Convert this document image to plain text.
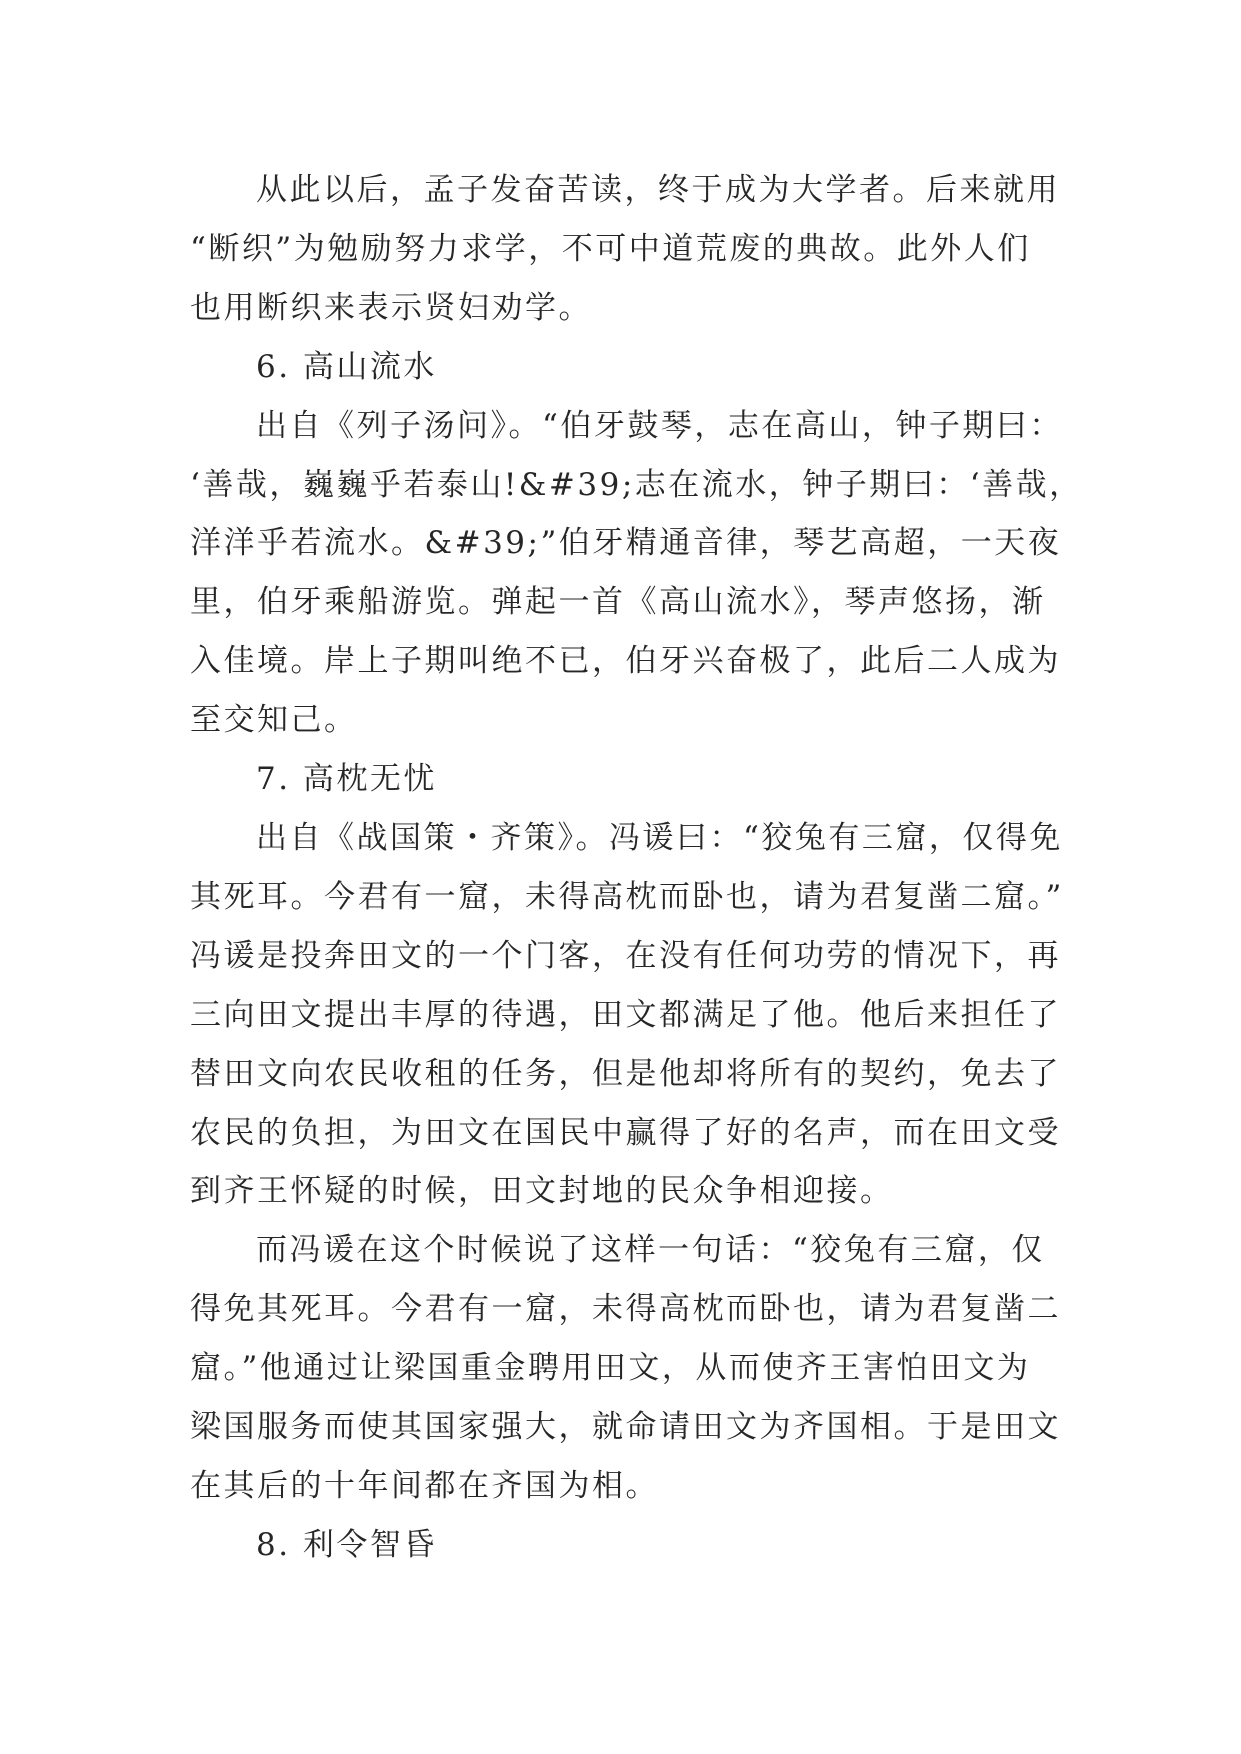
从此以后，孟子发奋苦读，终于成为大学者。后来就用
“断织”为勉励努力求学，不可中道荒废的典故。此外人们
也用断织来表示贤妇劝学。
6. 高山流水
出自《列子汤问》。“伯牙鼓琴，志在高山，钟子期曰：
‘善哉，巍巍乎若泰山!&#39;志在流水，钟子期曰：‘善哉，
洋洋乎若流水。&#39;”伯牙精通音律，琴艺高超，一天夜
里，伯牙乘船游览。弹起一首《高山流水》，琴声悠扬，渐
入佳境。岸上子期叫绝不已，伯牙兴奋极了，此后二人成为
至交知己。
7. 高枕无忧
出自《战国策・齐策》。冯谖曰：“狡兔有三窟，仅得免
其死耳。今君有一窟，未得高枕而卧也，请为君复凿二窟。”
冯谖是投奔田文的一个门客，在没有任何功劳的情况下，再
三向田文提出丰厚的待遇，田文都满足了他。他后来担任了
替田文向农民收租的任务，但是他却将所有的契约，免去了
农民的负担，为田文在国民中赢得了好的名声，而在田文受
到齐王怀疑的时候，田文封地的民众争相迎接。
而冯谖在这个时候说了这样一句话：“狡兔有三窟，仅
得免其死耳。今君有一窟，未得高枕而卧也，请为君复凿二
窟。”他通过让梁国重金聘用田文，从而使齐王害怕田文为
梁国服务而使其国家强大，就命请田文为齐国相。于是田文
在其后的十年间都在齐国为相。
8. 利令智昏
